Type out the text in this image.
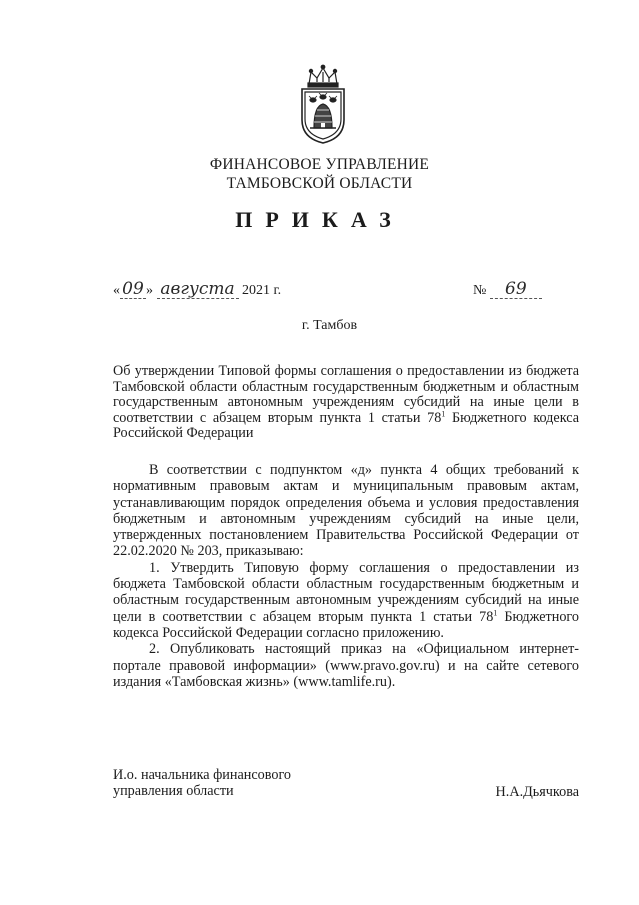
ФИНАНСОВОЕ УПРАВЛЕНИЕ
ТАМБОВСКОЙ ОБЛАСТИ
ПРИКАЗ
« 09 » августа 2021 г.	№ 69
г. Тамбов
Об утверждении Типовой формы соглашения о предоставлении из бюджета Тамбовской области областным государственным бюджетным и областным государственным автономным учреждениям субсидий на иные цели в соответствии с абзацем вторым пункта 1 статьи $78^1$ Бюджетного кодекса Российской Федерации

В соответствии с подпунктом «д» пункта 4 общих требований к нормативным правовым актам и муниципальным правовым актам, устанавливающим порядок определения объема и условия предоставления бюджетным и автономным учреждениям субсидий на иные цели, утвержденных постановлением Правительства Российской Федерации от 22.02.2020 № 203, приказываю:

1. Утвердить Типовую форму соглашения о предоставлении из бюджета Тамбовской области областным государственным бюджетным и областным государственным автономным учреждениям субсидий на иные цели в соответствии с абзацем вторым пункта 1 статьи $78^1$ Бюджетного кодекса Российской Федерации согласно приложению.

2. Опубликовать настоящий приказ на «Официальном интернет-портале правовой информации» (www.pravo.gov.ru) и на сайте сетевого издания «Тамбовская жизнь» (www.tamlife.ru).

И.о. начальника финансового
управления области	Н.А.Дьячкова
